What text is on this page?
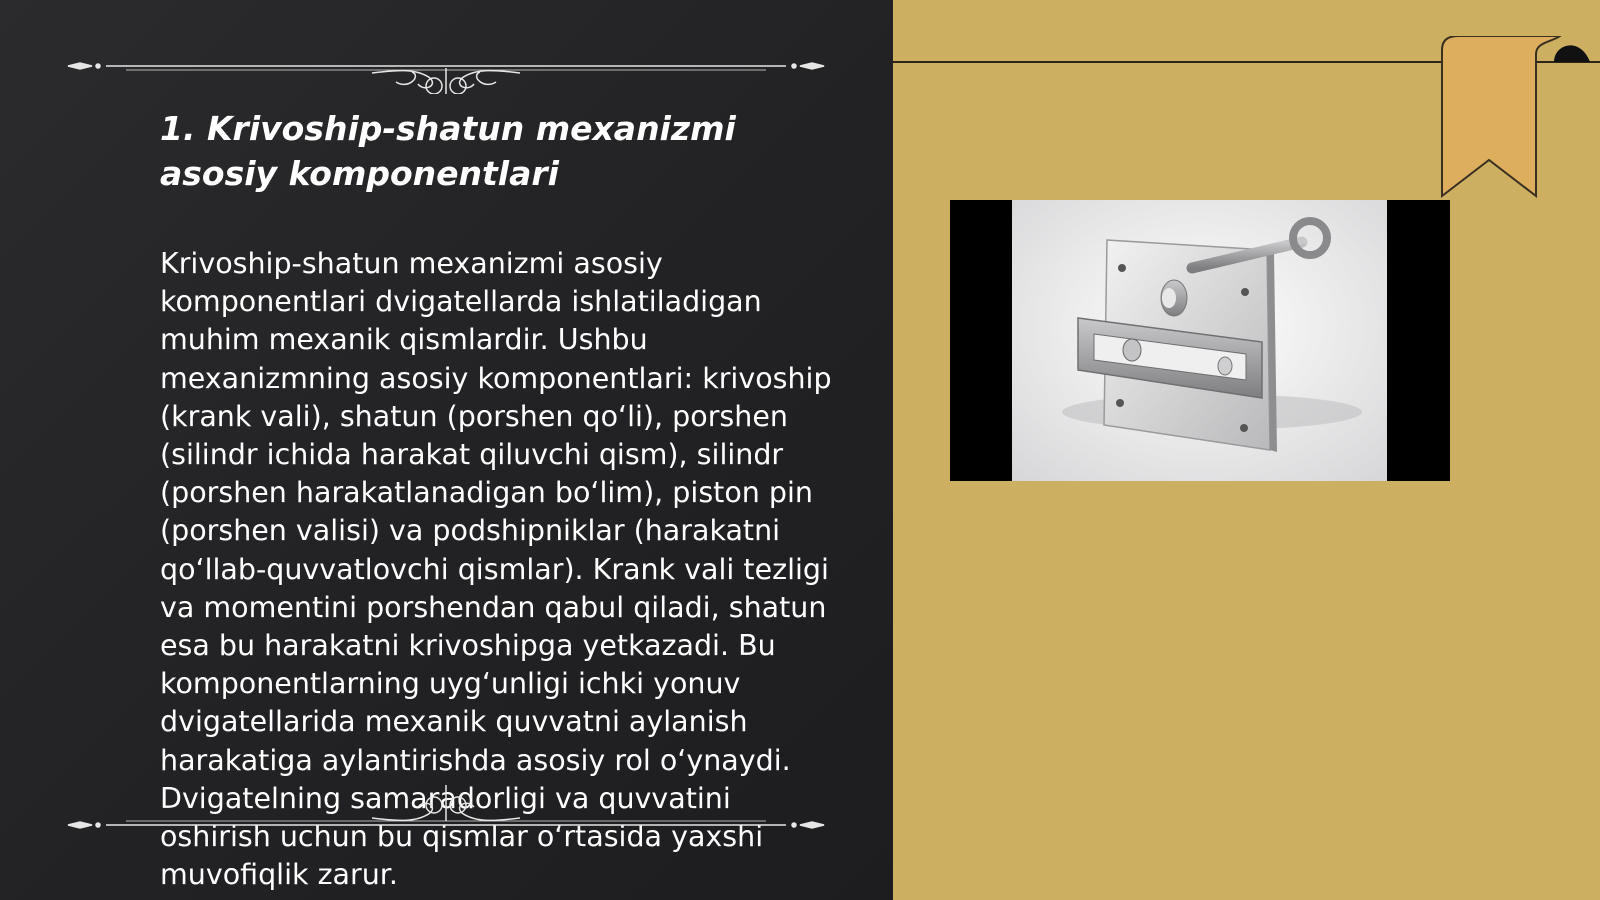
1. Krivoship-shatun mexanizmi asosiy komponentlari

Krivoship-shatun mexanizmi asosiy komponentlari dvigatellarda ishlatiladigan muhim mexanik qismlardir. Ushbu mexanizmning asosiy komponentlari: krivoship (krank vali), shatun (porshen qo‘li), porshen (silindr ichida harakat qiluvchi qism), silindr (porshen harakatlanadigan bo‘lim), piston pin (porshen valisi) va podshipniklar (harakatni qo‘llab-quvvatlovchi qismlar). Krank vali tezligi va momentini porshendan qabul qiladi, shatun esa bu harakatni krivoshipga yetkazadi. Bu komponentlarning uyg‘unligi ichki yonuv dvigatellarida mexanik quvvatni aylanish harakatiga aylantirishda asosiy rol o‘ynaydi. Dvigatelning samaradorligi va quvvatini oshirish uchun bu qismlar o‘rtasida yaxshi muvofiqlik zarur.
